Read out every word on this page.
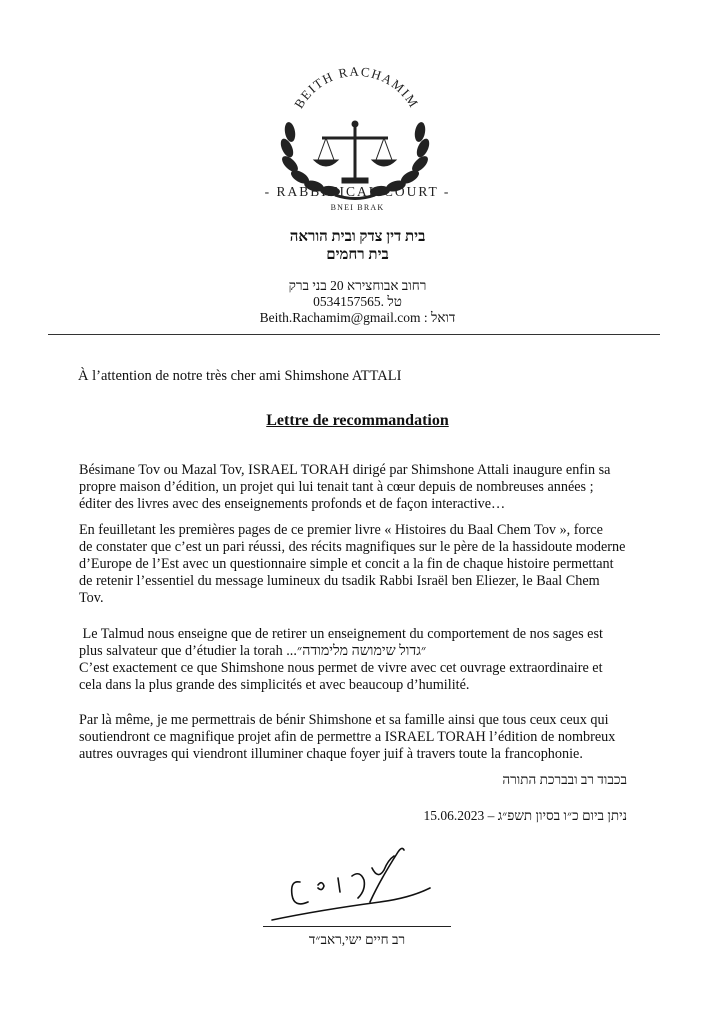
BEITH RACHAMIM
- RABBINICAL COURT -
BNEI BRAK
בית דין צדק ובית הוראה
בית רחמים
רחוב אבוחצירא 20 בני ברק
0534157565. טל
Beith.Rachamim@gmail.com : דואל
À l’attention de notre très cher ami Shimshone ATTALI
Lettre de recommandation
Bésimane Tov ou Mazal Tov, ISRAEL TORAH dirigé par Shimshone Attali inaugure enfin sa
propre maison d’édition, un projet qui lui tenait tant à cœur depuis de nombreuses années ;
éditer des livres avec des enseignements profonds et de façon interactive…
En feuilletant les premières pages de ce premier livre « Histoires du Baal Chem Tov », force
de constater que c’est un pari réussi, des récits magnifiques sur le père de la hassidoute moderne
d’Europe de l’Est avec un questionnaire simple et concit a la fin de chaque histoire permettant
de retenir l’essentiel du message lumineux du tsadik Rabbi Israël ben Eliezer, le Baal Chem
Tov.
Le Talmud nous enseigne que de retirer un enseignement du comportement de nos sages est
plus salvateur que d’étudier la torah ״גדול שימושה מלימודה״...
C’est exactement ce que Shimshone nous permet de vivre avec cet ouvrage extraordinaire et
cela dans la plus grande des simplicités et avec beaucoup d’humilité.
Par là même, je me permettrais de bénir Shimshone et sa famille ainsi que tous ceux ceux qui
soutiendront ce magnifique projet afin de permettre a ISRAEL TORAH l’édition de nombreux
autres ouvrages qui viendront illuminer chaque foyer juif à travers toute la francophonie.
בכבוד רב ובברכת התורה
15.06.2023 – ניתן ביום כ״ו בסיון תשפ״ג
רב חיים ישי,ראב״ד
